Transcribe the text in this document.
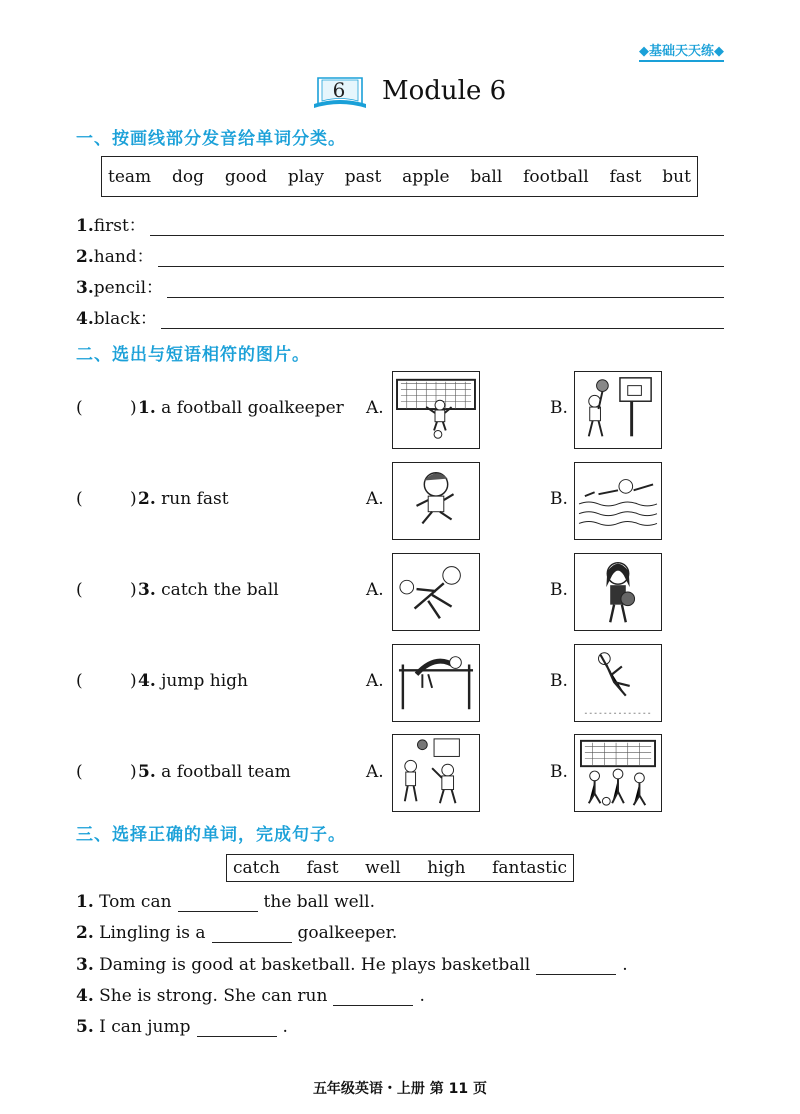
◆基础天天练◆
6 Module 6
一、按画线部分发音给单词分类。
team dog good play past apple ball football fast but
1. first：
2. hand：
3. pencil：
4. black：
二、选出与短语相符的图片。
(	) 1. a football goalkeeper A.	B.
(	) 2. run fast	A.	B.
(	) 3. catch the ball	A.	B.
(	) 4. jump high	A.	B.
(	) 5. a football team	A.	B.
三、选择正确的单词，完成句子。
catch fast well high fantastic
1.
Tom can	the ball well.
2.
Lingling is a	goalkeeper.
3.
Daming is good at basketball. He plays basketball	.
4.
She is strong. She can run	.
5.
I can jump	.
五年级英语・上册 第 11 页
